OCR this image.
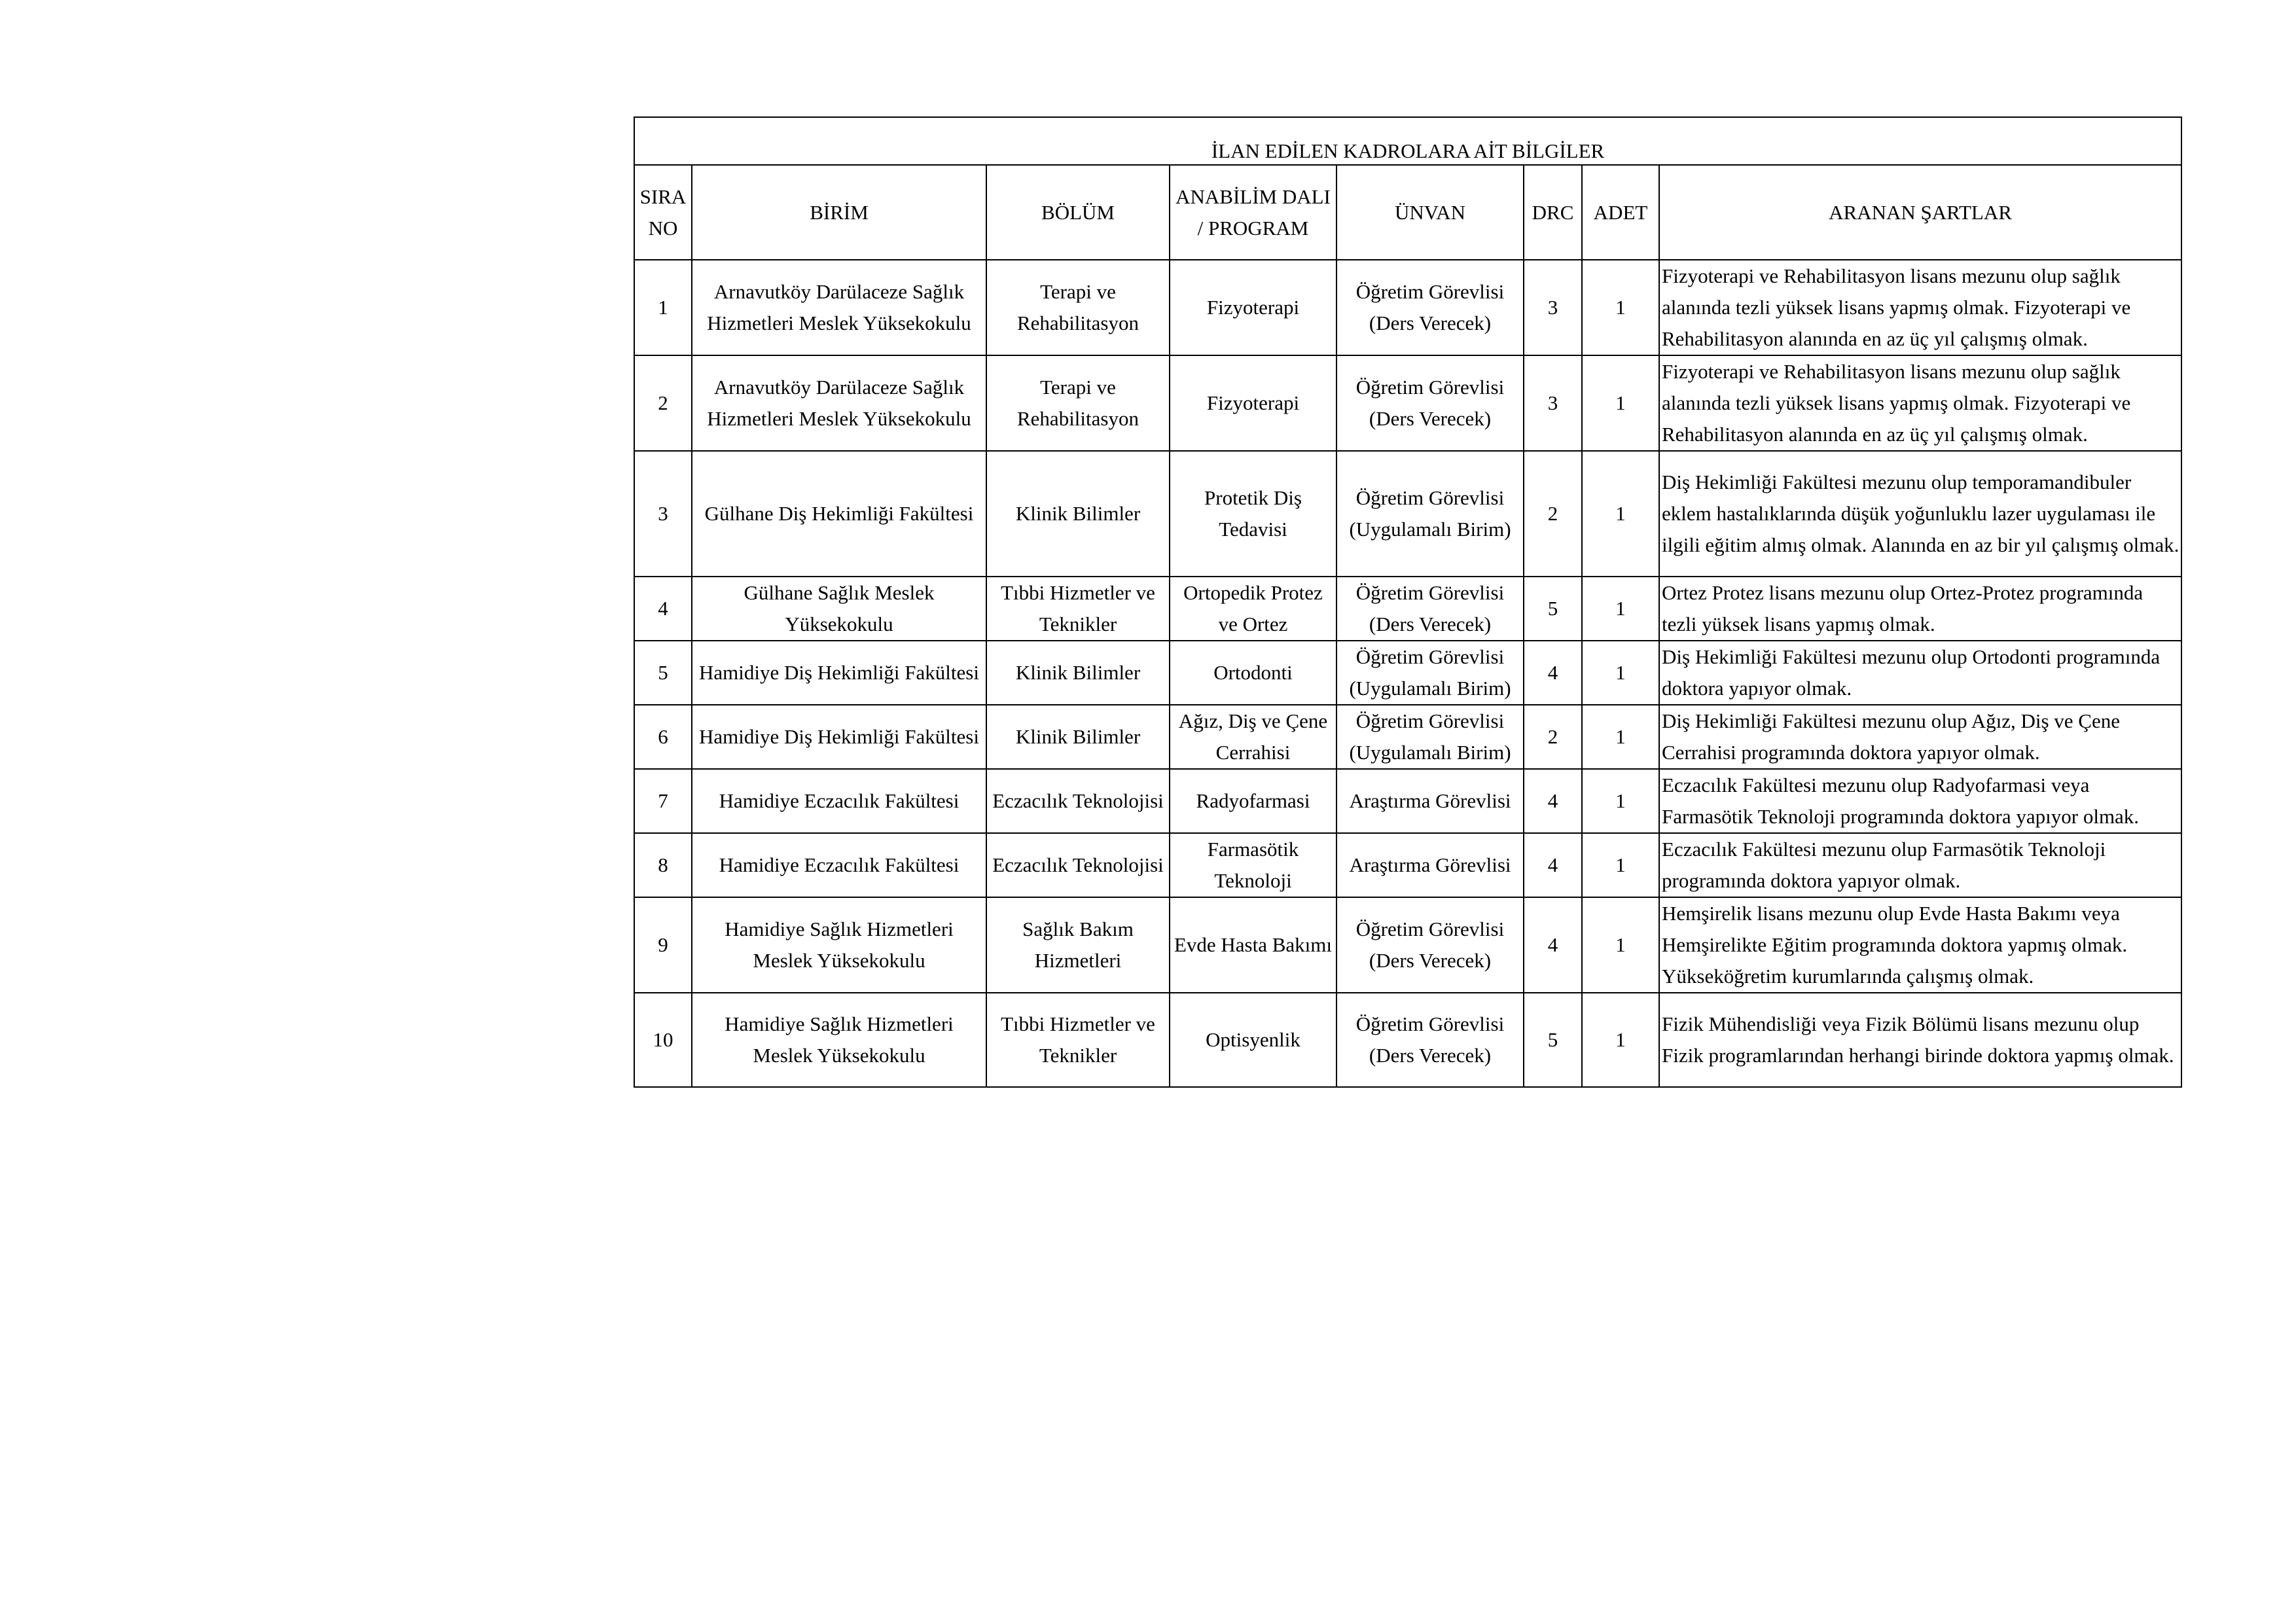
İLAN EDİLEN KADROLARA AİT BİLGİLER							
SIRA NO	BİRİM	BÖLÜM	ANABİLİM DALI / PROGRAM	ÜNVAN	DRC	ADET	ARANAN ŞARTLAR
1	Arnavutköy Darülaceze Sağlık Hizmetleri Meslek Yüksekokulu	Terapi ve Rehabilitasyon	Fizyoterapi	Öğretim Görevlisi (Ders Verecek)	3	1	Fizyoterapi ve Rehabilitasyon lisans mezunu olup sağlık alanında tezli yüksek lisans yapmış olmak. Fizyoterapi ve Rehabilitasyon alanında en az üç yıl çalışmış olmak.
2	Arnavutköy Darülaceze Sağlık Hizmetleri Meslek Yüksekokulu	Terapi ve Rehabilitasyon	Fizyoterapi	Öğretim Görevlisi (Ders Verecek)	3	1	Fizyoterapi ve Rehabilitasyon lisans mezunu olup sağlık alanında tezli yüksek lisans yapmış olmak. Fizyoterapi ve Rehabilitasyon alanında en az üç yıl çalışmış olmak.
3	Gülhane Diş Hekimliği Fakültesi	Klinik Bilimler	Protetik Diş Tedavisi	Öğretim Görevlisi (Uygulamalı Birim)	2	1	Diş Hekimliği Fakültesi mezunu olup temporamandibuler eklem hastalıklarında düşük yoğunluklu lazer uygulaması ile ilgili eğitim almış olmak. Alanında en az bir yıl çalışmış olmak.
4	Gülhane Sağlık Meslek Yüksekokulu	Tıbbi Hizmetler ve Teknikler	Ortopedik Protez ve Ortez	Öğretim Görevlisi (Ders Verecek)	5	1	Ortez Protez lisans mezunu olup Ortez-Protez programında tezli yüksek lisans yapmış olmak.
5	Hamidiye Diş Hekimliği Fakültesi	Klinik Bilimler	Ortodonti	Öğretim Görevlisi (Uygulamalı Birim)	4	1	Diş Hekimliği Fakültesi mezunu olup Ortodonti programında doktora yapıyor olmak.
6	Hamidiye Diş Hekimliği Fakültesi	Klinik Bilimler	Ağız, Diş ve Çene Cerrahisi	Öğretim Görevlisi (Uygulamalı Birim)	2	1	Diş Hekimliği Fakültesi mezunu olup Ağız, Diş ve Çene Cerrahisi programında doktora yapıyor olmak.
7	Hamidiye Eczacılık Fakültesi	Eczacılık Teknolojisi	Radyofarmasi	Araştırma Görevlisi	4	1	Eczacılık Fakültesi mezunu olup Radyofarmasi veya Farmasötik Teknoloji programında doktora yapıyor olmak.
8	Hamidiye Eczacılık Fakültesi	Eczacılık Teknolojisi	Farmasötik Teknoloji	Araştırma Görevlisi	4	1	Eczacılık Fakültesi mezunu olup Farmasötik Teknoloji programında doktora yapıyor olmak.
9	Hamidiye Sağlık Hizmetleri Meslek Yüksekokulu	Sağlık Bakım Hizmetleri	Evde Hasta Bakımı	Öğretim Görevlisi (Ders Verecek)	4	1	Hemşirelik lisans mezunu olup Evde Hasta Bakımı veya Hemşirelikte Eğitim programında doktora yapmış olmak. Yükseköğretim kurumlarında çalışmış olmak.
10	Hamidiye Sağlık Hizmetleri Meslek Yüksekokulu	Tıbbi Hizmetler ve Teknikler	Optisyenlik	Öğretim Görevlisi (Ders Verecek)	5	1	Fizik Mühendisliği veya Fizik Bölümü lisans mezunu olup Fizik programlarından herhangi birinde doktora yapmış olmak.
